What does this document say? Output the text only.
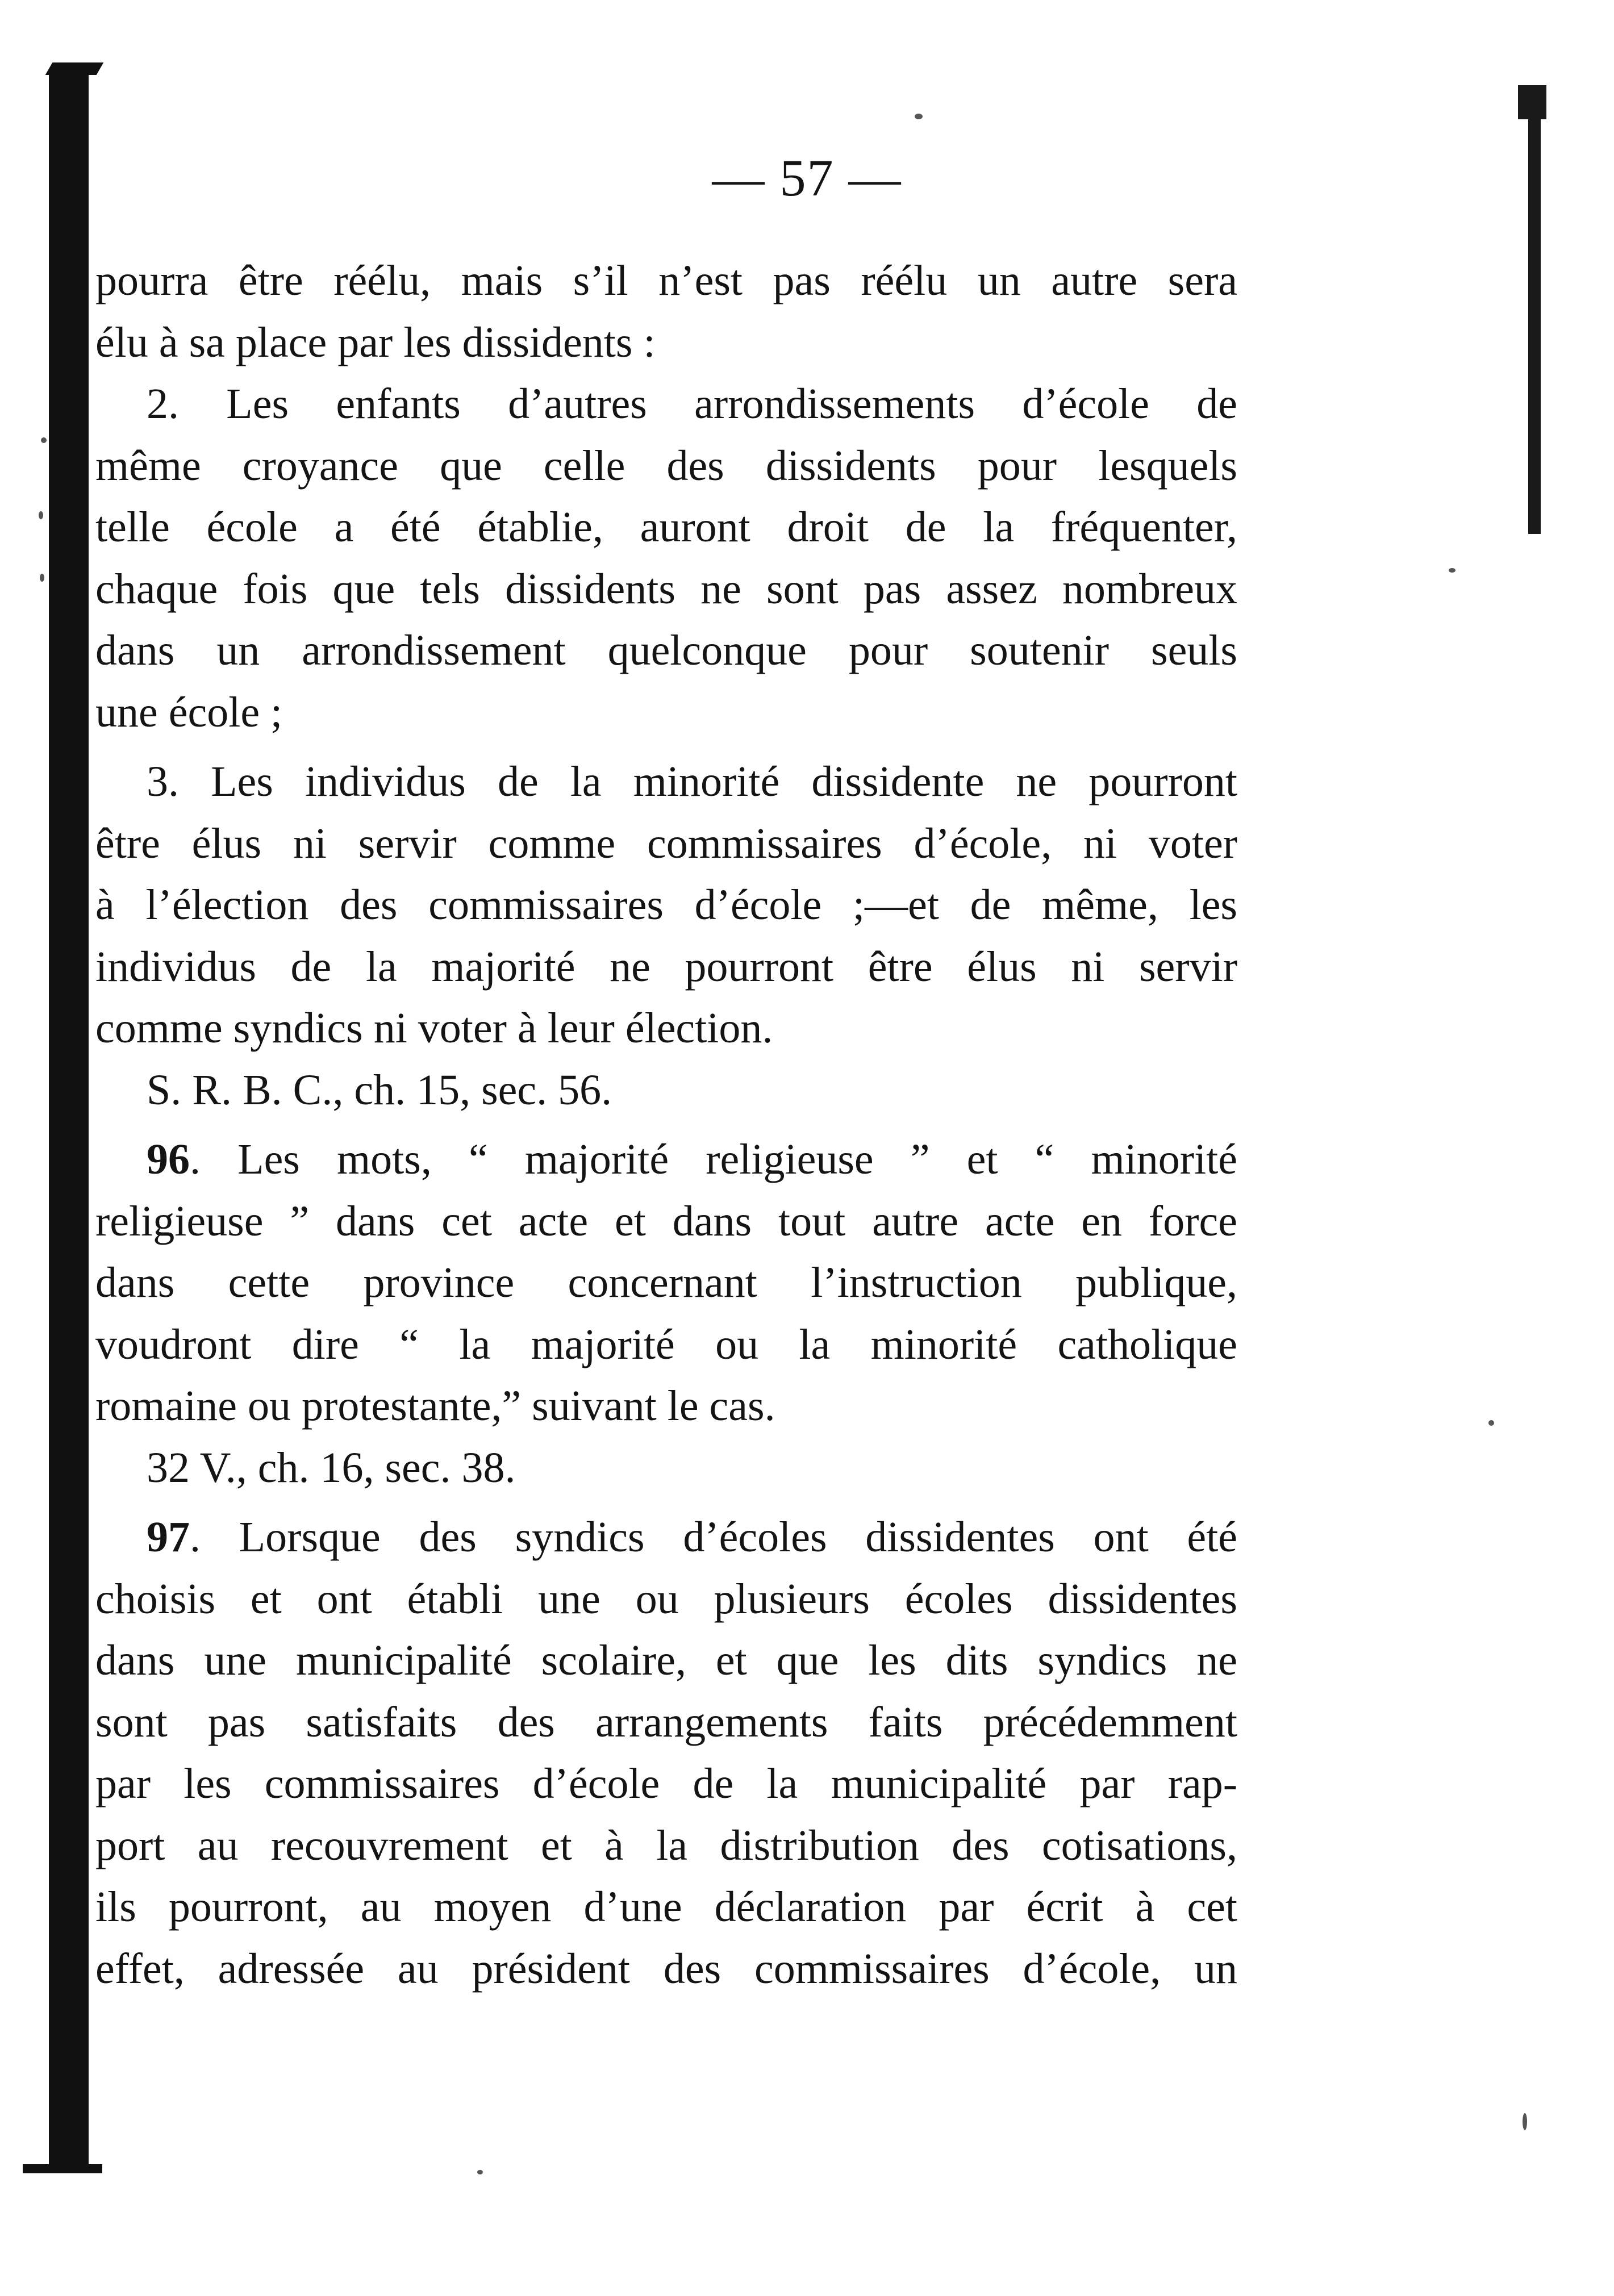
— 57 —
pourra être réélu, mais s’il n’est pas réélu un autre sera
élu à sa place par les dissidents :
2. Les enfants d’autres arrondissements d’école de
même croyance que celle des dissidents pour lesquels
telle école a été établie, auront droit de la fréquenter,
chaque fois que tels dissidents ne sont pas assez nombreux
dans un arrondissement quelconque pour soutenir seuls
une école ;
3. Les individus de la minorité dissidente ne pourront
être élus ni servir comme commissaires d’école, ni voter
à l’élection des commissaires d’école ;—et de même, les
individus de la majorité ne pourront être élus ni servir
comme syndics ni voter à leur élection.
S. R. B. C., ch. 15, sec. 56.
96. Les mots, “ majorité religieuse ” et “ minorité
religieuse ” dans cet acte et dans tout autre acte en force
dans cette province concernant l’instruction publique,
voudront dire “ la majorité ou la minorité catholique
romaine ou protestante,” suivant le cas.
32 V., ch. 16, sec. 38.
97. Lorsque des syndics d’écoles dissidentes ont été
choisis et ont établi une ou plusieurs écoles dissidentes
dans une municipalité scolaire, et que les dits syndics ne
sont pas satisfaits des arrangements faits précédemment
par les commissaires d’école de la municipalité par rap-
port au recouvrement et à la distribution des cotisations,
ils pourront, au moyen d’une déclaration par écrit à cet
effet, adressée au président des commissaires d’école, un
